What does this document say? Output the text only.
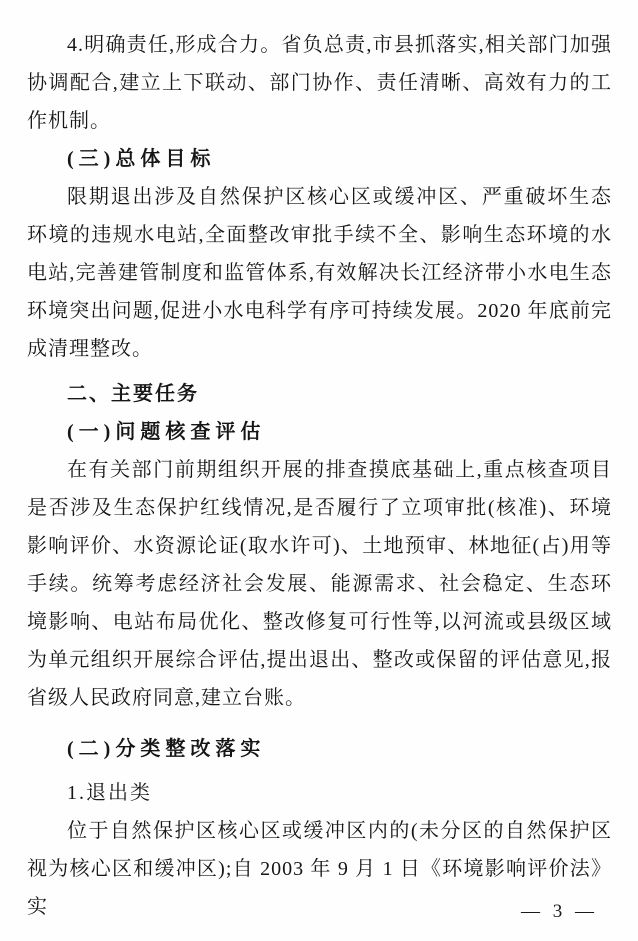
4.明确责任,形成合力。省负总责,市县抓落实,相关部门加强协调配合,建立上下联动、部门协作、责任清晰、高效有力的工作机制。

(三)总体目标

限期退出涉及自然保护区核心区或缓冲区、严重破坏生态环境的违规水电站,全面整改审批手续不全、影响生态环境的水电站,完善建管制度和监管体系,有效解决长江经济带小水电生态环境突出问题,促进小水电科学有序可持续发展。2020 年底前完成清理整改。

二、主要任务

(一)问题核查评估

在有关部门前期组织开展的排查摸底基础上,重点核查项目是否涉及生态保护红线情况,是否履行了立项审批(核准)、环境影响评价、水资源论证(取水许可)、土地预审、林地征(占)用等手续。统筹考虑经济社会发展、能源需求、社会稳定、生态环境影响、电站布局优化、整改修复可行性等,以河流或县级区域为单元组织开展综合评估,提出退出、整改或保留的评估意见,报省级人民政府同意,建立台账。

(二)分类整改落实

1.退出类

位于自然保护区核心区或缓冲区内的(未分区的自然保护区视为核心区和缓冲区);自 2003 年 9 月 1 日《环境影响评价法》实	— 3 —
